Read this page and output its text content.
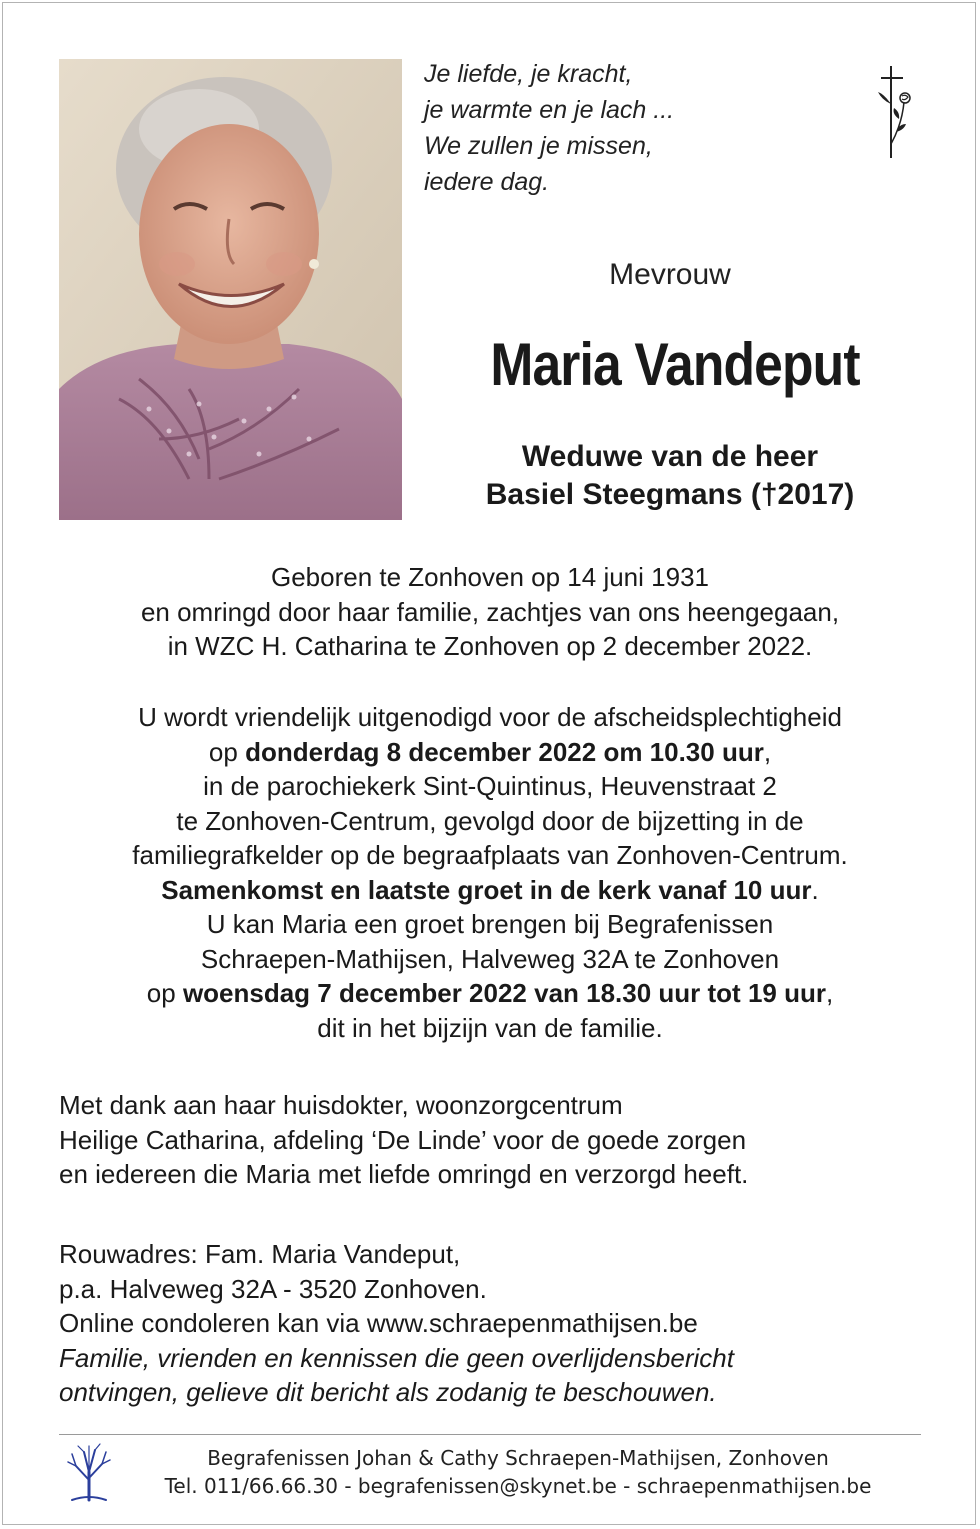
Je liefde, je kracht,
je warmte en je lach ...
We zullen je missen,
iedere dag.
Mevrouw
Maria Vandeput
Weduwe van de heer
Basiel Steegmans (†2017)
Geboren te Zonhoven op 14 juni 1931
en omringd door haar familie, zachtjes van ons heengegaan,
in WZC H. Catharina te Zonhoven op 2 december 2022.
U wordt vriendelijk uitgenodigd voor de afscheidsplechtigheid
op donderdag 8 december 2022 om 10.30 uur,
in de parochiekerk Sint-Quintinus, Heuvenstraat 2
te Zonhoven-Centrum, gevolgd door de bijzetting in de
familiegrafkelder op de begraafplaats van Zonhoven-Centrum.
Samenkomst en laatste groet in de kerk vanaf 10 uur.
U kan Maria een groet brengen bij Begrafenissen
Schraepen-Mathijsen, Halveweg 32A te Zonhoven
op woensdag 7 december 2022 van 18.30 uur tot 19 uur,
dit in het bijzijn van de familie.
Met dank aan haar huisdokter, woonzorgcentrum
Heilige Catharina, afdeling ‘De Linde’ voor de goede zorgen
en iedereen die Maria met liefde omringd en verzorgd heeft.
Rouwadres: Fam. Maria Vandeput,
p.a. Halveweg 32A - 3520 Zonhoven.
Online condoleren kan via www.schraepenmathijsen.be
Familie, vrienden en kennissen die geen overlijdensbericht
ontvingen, gelieve dit bericht als zodanig te beschouwen.
Begrafenissen Johan & Cathy Schraepen-Mathijsen, Zonhoven
Tel. 011/66.66.30 - begrafenissen@skynet.be - schraepenmathijsen.be
